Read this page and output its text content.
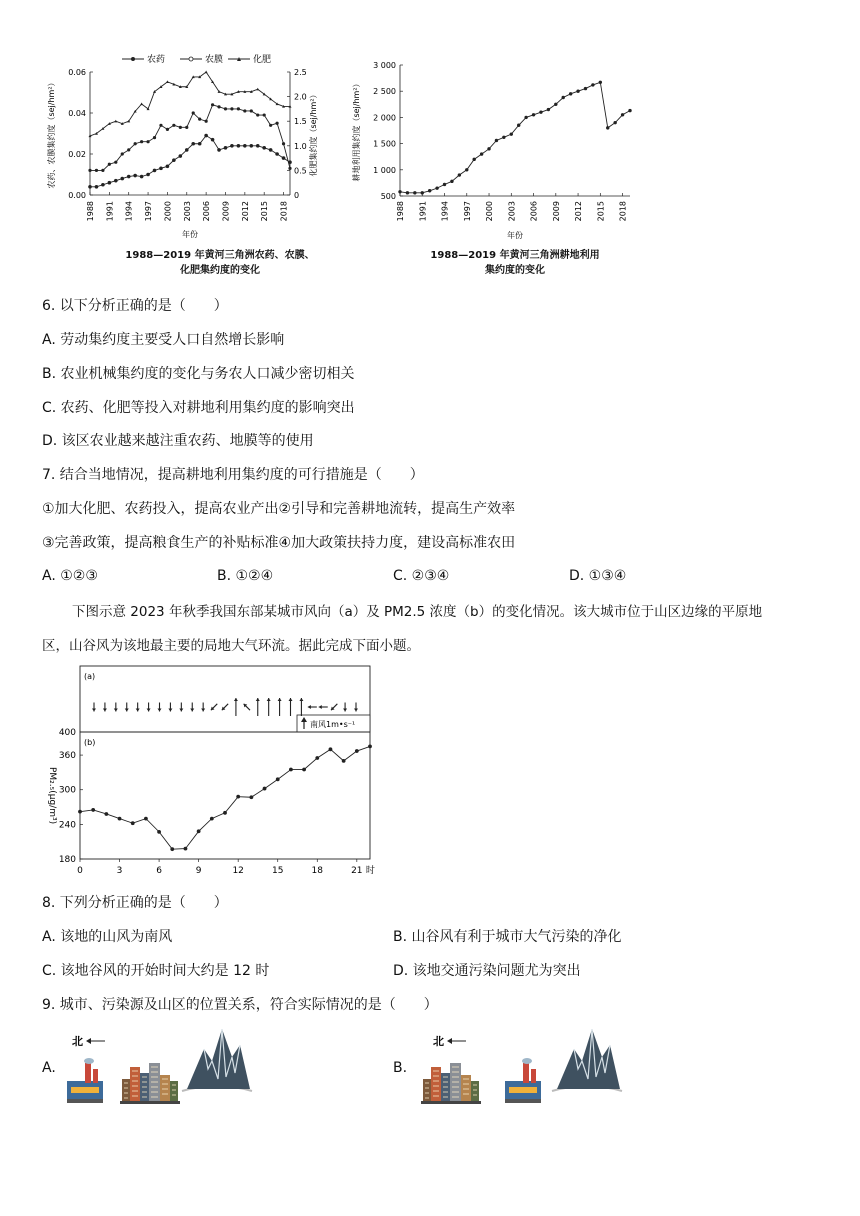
0.00
0.02
0.04
0.06
0
0.5
1.0
1.5
2.0
2.5
1988 1991 1994 1997 2000 2003 2006 2009 2012 2015 2018
年份
农药、农膜集约度（sej/hm²）	化肥集约度（sej/hm²）
农药	农膜	化肥
1988—2019 年黄河三角洲农药、农膜、
化肥集约度的变化
500
1 000
1 500
2 000
2 500
3 000
1988 1991 1994 1997 2000 2003 2006 2009 2012 2015 2018
年份
耕地利用集约度（sej/hm²）
1988—2019 年黄河三角洲耕地利用
集约度的变化
6. 以下分析正确的是（　　）
A. 劳动集约度主要受人口自然增长影响
B. 农业机械集约度的变化与务农人口减少密切相关
C. 农药、化肥等投入对耕地利用集约度的影响突出
D. 该区农业越来越注重农药、地膜等的使用
7. 结合当地情况，提高耕地利用集约度的可行措施是（　　）
①加大化肥、农药投入，提高农业产出②引导和完善耕地流转，提高生产效率
③完善政策，提高粮食生产的补贴标准④加大政策扶持力度，建设高标准农田
A. ①②③	B. ①②④	C. ②③④	D. ①③④
下图示意 2023 年秋季我国东部某城市风向（a）及 PM2.5 浓度（b）的变化情况。该大城市位于山区边缘的平原地
区，山谷风为该地最主要的局地大气环流。据此完成下面小题。
(a)
南风1m•s⁻¹
(b)
180
240
300
360
400
0	3	6	9	12	15	18	21 时
PM₂.₅(μg/m³)
8. 下列分析正确的是（　　）
A. 该地的山风为南风	B. 山谷风有利于城市大气污染的净化
C. 该地谷风的开始时间大约是 12 时	D. 该地交通污染问题尤为突出
9. 城市、污染源及山区的位置关系，符合实际情况的是（　　）
A.	B.
北	北
